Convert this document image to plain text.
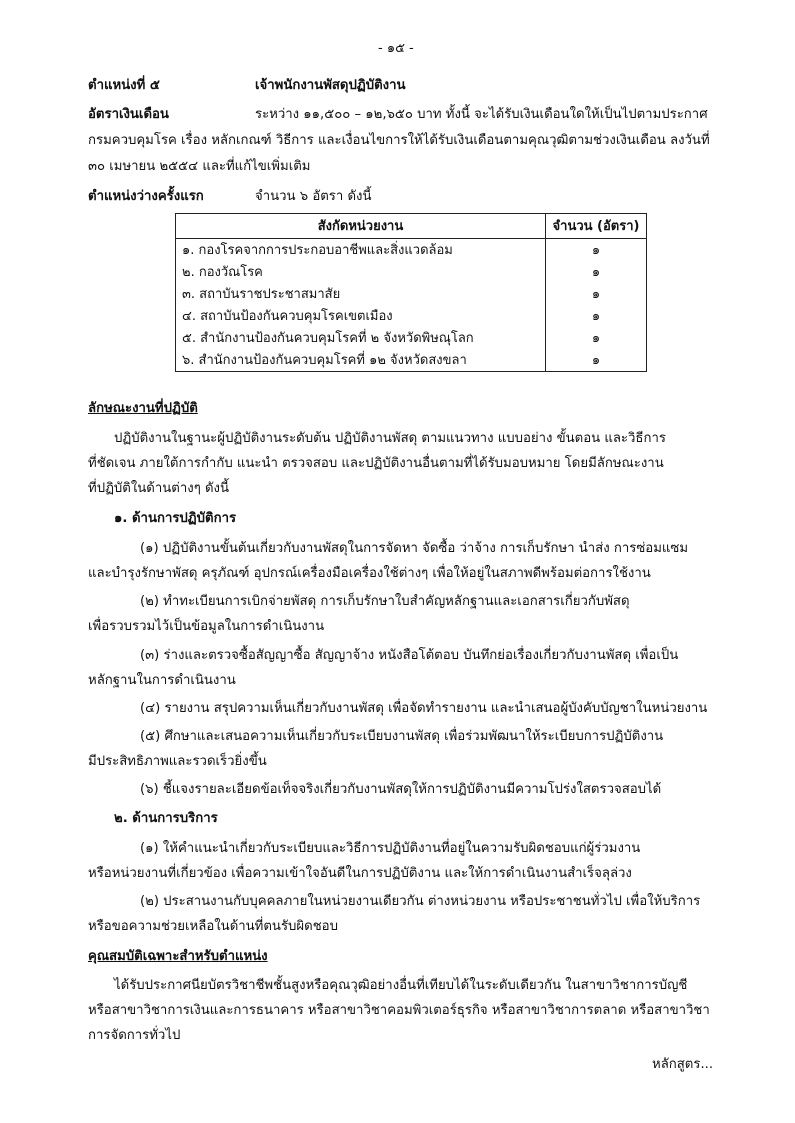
- ๑๕ -
ตำแหน่งที่ ๕	เจ้าพนักงานพัสดุปฏิบัติงาน
อัตราเงินเดือน	ระหว่าง ๑๑,๕๐๐ – ๑๒,๖๕๐ บาท ทั้งนี้ จะได้รับเงินเดือนใดให้เป็นไปตามประกาศ
กรมควบคุมโรค เรื่อง หลักเกณฑ์ วิธีการ และเงื่อนไขการให้ได้รับเงินเดือนตามคุณวุฒิตามช่วงเงินเดือน ลงวันที่
๓๐ เมษายน ๒๕๕๔ และที่แก้ไขเพิ่มเติม
ตำแหน่งว่างครั้งแรก	จำนวน ๖ อัตรา ดังนี้
สังกัดหน่วยงาน	จำนวน (อัตรา)
๑. กองโรคจากการประกอบอาชีพและสิ่งแวดล้อม	๑
๒. กองวัณโรค	๑
๓. สถาบันราชประชาสมาสัย	๑
๔. สถาบันป้องกันควบคุมโรคเขตเมือง	๑
๕. สำนักงานป้องกันควบคุมโรคที่ ๒ จังหวัดพิษณุโลก	๑
๖. สำนักงานป้องกันควบคุมโรคที่ ๑๒ จังหวัดสงขลา	๑
ลักษณะงานที่ปฏิบัติ
ปฏิบัติงานในฐานะผู้ปฏิบัติงานระดับต้น ปฏิบัติงานพัสดุ ตามแนวทาง แบบอย่าง ขั้นตอน และวิธีการ
ที่ชัดเจน ภายใต้การกำกับ แนะนำ ตรวจสอบ และปฏิบัติงานอื่นตามที่ได้รับมอบหมาย โดยมีลักษณะงาน
ที่ปฏิบัติในด้านต่างๆ ดังนี้
๑. ด้านการปฏิบัติการ
(๑) ปฏิบัติงานขั้นต้นเกี่ยวกับงานพัสดุในการจัดหา จัดซื้อ ว่าจ้าง การเก็บรักษา นำส่ง การซ่อมแซม
และบำรุงรักษาพัสดุ ครุภัณฑ์ อุปกรณ์เครื่องมือเครื่องใช้ต่างๆ เพื่อให้อยู่ในสภาพดีพร้อมต่อการใช้งาน
(๒) ทำทะเบียนการเบิกจ่ายพัสดุ การเก็บรักษาใบสำคัญหลักฐานและเอกสารเกี่ยวกับพัสดุ
เพื่อรวบรวมไว้เป็นข้อมูลในการดำเนินงาน
(๓) ร่างและตรวจซื้อสัญญาซื้อ สัญญาจ้าง หนังสือโต้ตอบ บันทึกย่อเรื่องเกี่ยวกับงานพัสดุ เพื่อเป็น
หลักฐานในการดำเนินงาน
(๔) รายงาน สรุปความเห็นเกี่ยวกับงานพัสดุ เพื่อจัดทำรายงาน และนำเสนอผู้บังคับบัญชาในหน่วยงาน
(๕) ศึกษาและเสนอความเห็นเกี่ยวกับระเบียบงานพัสดุ เพื่อร่วมพัฒนาให้ระเบียบการปฏิบัติงาน
มีประสิทธิภาพและรวดเร็วยิ่งขึ้น
(๖) ชี้แจงรายละเอียดข้อเท็จจริงเกี่ยวกับงานพัสดุให้การปฏิบัติงานมีความโปร่งใสตรวจสอบได้
๒. ด้านการบริการ
(๑) ให้คำแนะนำเกี่ยวกับระเบียบและวิธีการปฏิบัติงานที่อยู่ในความรับผิดชอบแก่ผู้ร่วมงาน
หรือหน่วยงานที่เกี่ยวข้อง เพื่อความเข้าใจอันดีในการปฏิบัติงาน และให้การดำเนินงานสำเร็จลุล่วง
(๒) ประสานงานกับบุคคลภายในหน่วยงานเดียวกัน ต่างหน่วยงาน หรือประชาชนทั่วไป เพื่อให้บริการ
หรือขอความช่วยเหลือในด้านที่ตนรับผิดชอบ
คุณสมบัติเฉพาะสำหรับตำแหน่ง
ได้รับประกาศนียบัตรวิชาชีพชั้นสูงหรือคุณวุฒิอย่างอื่นที่เทียบได้ในระดับเดียวกัน ในสาขาวิชาการบัญชี
หรือสาขาวิชาการเงินและการธนาคาร หรือสาขาวิชาคอมพิวเตอร์ธุรกิจ หรือสาขาวิชาการตลาด หรือสาขาวิชา
การจัดการทั่วไป
หลักสูตร...
